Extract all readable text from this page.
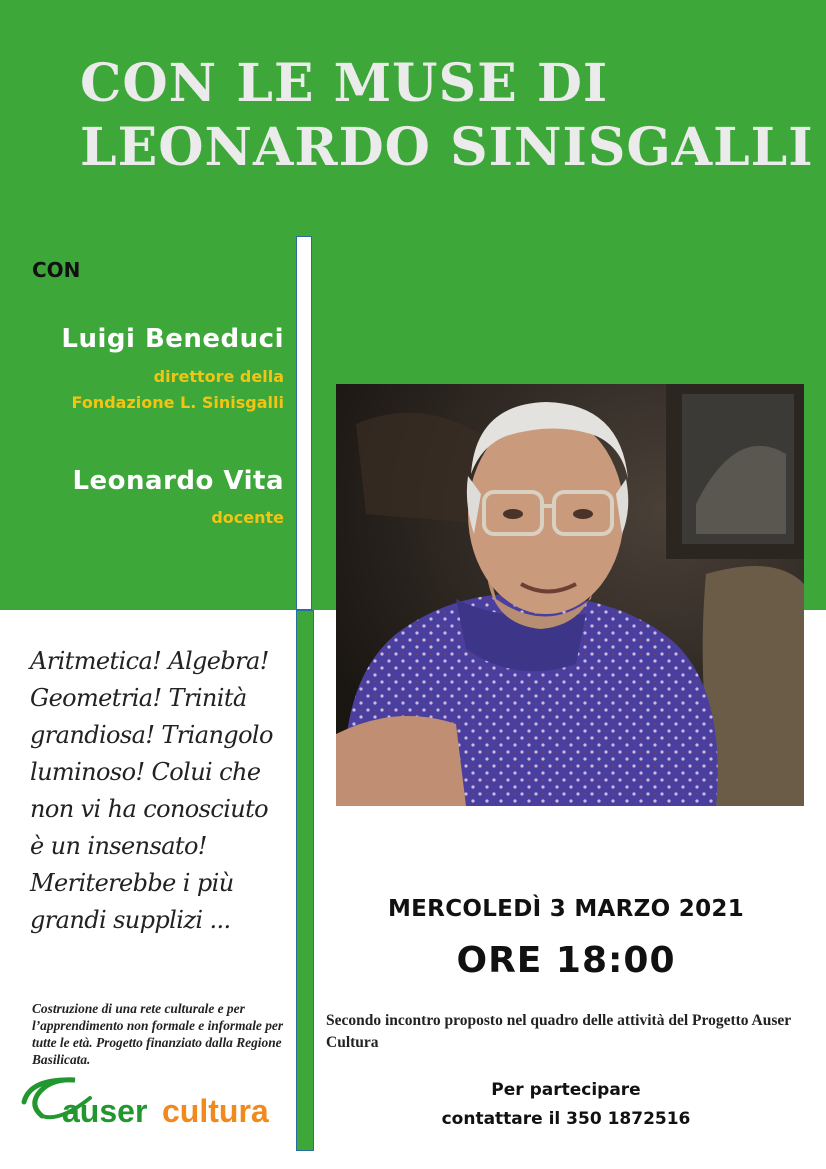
CON LE MUSE DI
LEONARDO SINISGALLI
CON
Luigi Beneduci
direttore della
Fondazione L. Sinisgalli
Leonardo Vita
docente
Aritmetica! Algebra!
Geometria! Trinità
grandiosa! Triangolo
luminoso! Colui che
non vi ha conosciuto
è un insensato!
Meriterebbe i più
grandi supplizi ...
Costruzione di una rete culturale e per l’apprendimento non formale e informale per tutte le età. Progetto finanziato dalla Regione Basilicata.
auser cultura
MERCOLEDÌ 3 MARZO 2021
ORE 18:00
Secondo incontro proposto nel quadro delle attività del Progetto Auser Cultura
Per partecipare
contattare il 350 1872516
